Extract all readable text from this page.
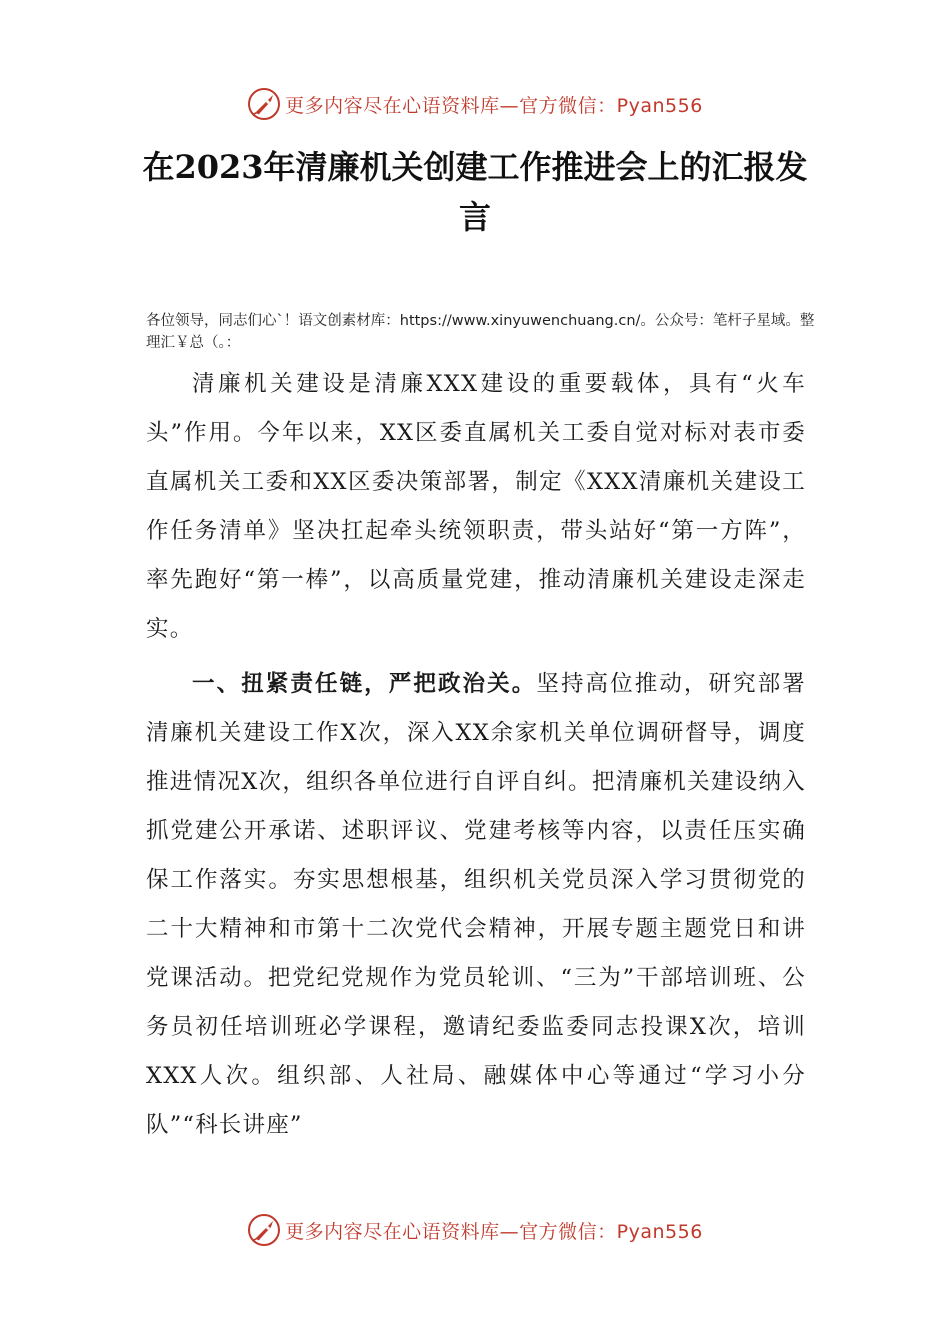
更多内容尽在心语资料库—官方微信：Pyan556
在2023年清廉机关创建工作推进会上的汇报发言

各位领导，同志们心`！语文创素材库：https://www.xinyuwenchuang.cn/。公众号：笔杆子星域。整理汇￥总（。：

清廉机关建设是清廉XXX建设的重要载体，具有“火车头”作用。今年以来，XX区委直属机关工委自觉对标对表市委直属机关工委和XX区委决策部署，制定《XXX清廉机关建设工作任务清单》坚决扛起牵头统领职责，带头站好“第一方阵”，率先跑好“第一棒”，以高质量党建，推动清廉机关建设走深走实。

一、扭紧责任链，严把政治关。坚持高位推动，研究部署清廉机关建设工作X次，深入XX余家机关单位调研督导，调度推进情况X次，组织各单位进行自评自纠。把清廉机关建设纳入抓党建公开承诺、述职评议、党建考核等内容，以责任压实确保工作落实。夯实思想根基，组织机关党员深入学习贯彻党的二十大精神和市第十二次党代会精神，开展专题主题党日和讲党课活动。把党纪党规作为党员轮训、“三为”干部培训班、公务员初任培训班必学课程，邀请纪委监委同志投课X次，培训XXX人次。组织部、人社局、融媒体中心等通过“学习小分队”“科长讲座”

更多内容尽在心语资料库—官方微信：Pyan556
